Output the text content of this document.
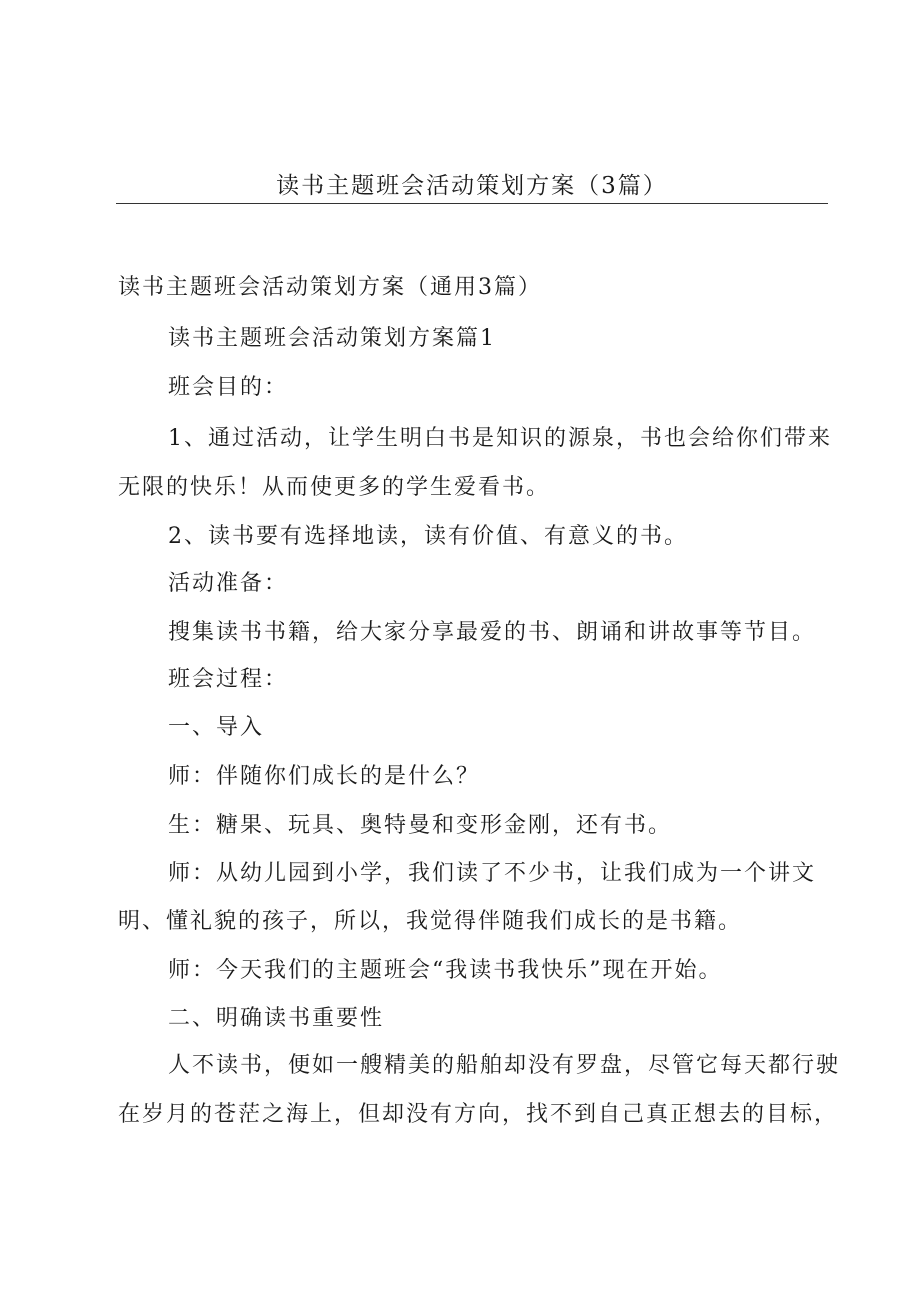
读书主题班会活动策划方案（3篇）
读书主题班会活动策划方案（通用3篇）
读书主题班会活动策划方案篇1
班会目的：
1、通过活动，让学生明白书是知识的源泉，书也会给你们带来
无限的快乐！从而使更多的学生爱看书。
2、读书要有选择地读，读有价值、有意义的书。
活动准备：
搜集读书书籍，给大家分享最爱的书、朗诵和讲故事等节目。
班会过程：
一、导入
师：伴随你们成长的是什么？
生：糖果、玩具、奥特曼和变形金刚，还有书。
师：从幼儿园到小学，我们读了不少书，让我们成为一个讲文
明、懂礼貌的孩子，所以，我觉得伴随我们成长的是书籍。
师：今天我们的主题班会“我读书我快乐”现在开始。
二、明确读书重要性
人不读书，便如一艘精美的船舶却没有罗盘，尽管它每天都行驶
在岁月的苍茫之海上，但却没有方向，找不到自己真正想去的目标，
